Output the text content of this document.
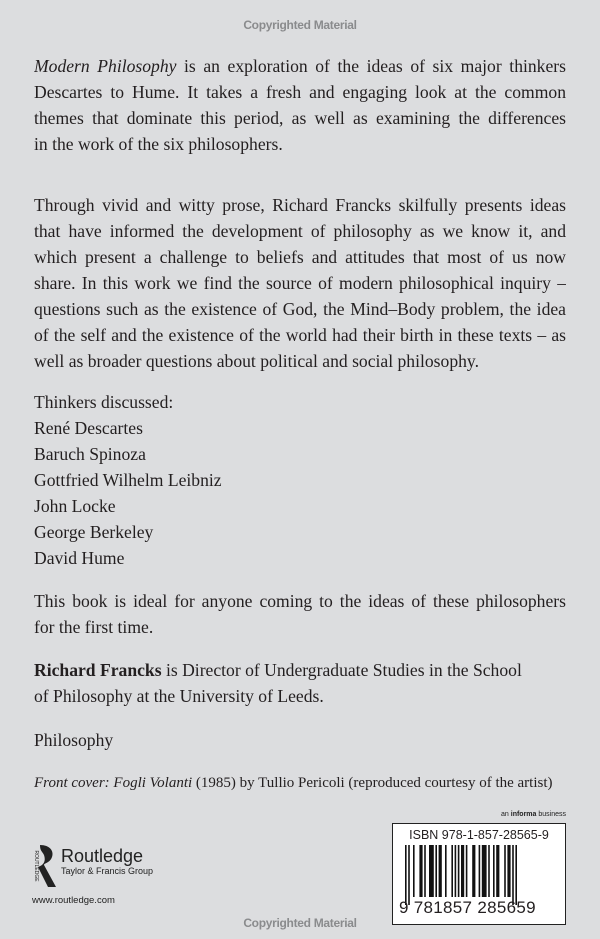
Copyrighted Material
Modern Philosophy is an exploration of the ideas of six major thinkers
Descartes to Hume. It takes a fresh and engaging look at the common
themes that dominate this period, as well as examining the differences
in the work of the six philosophers.
Through vivid and witty prose, Richard Francks skilfully presents ideas
that have informed the development of philosophy as we know it, and
which present a challenge to beliefs and attitudes that most of us now
share. In this work we find the source of modern philosophical inquiry –
questions such as the existence of God, the Mind–Body problem, the idea
of the self and the existence of the world had their birth in these texts – as
well as broader questions about political and social philosophy.
Thinkers discussed:
René Descartes
Baruch Spinoza
Gottfried Wilhelm Leibniz
John Locke
George Berkeley
David Hume
This book is ideal for anyone coming to the ideas of these philosophers
for the first time.
Richard Francks is Director of Undergraduate Studies in the School
of Philosophy at the University of Leeds.
Philosophy
Front cover: Fogli Volanti (1985) by Tullio Pericoli (reproduced courtesy of the artist)
an informa business
ISBN 978-1-857-28565-9
9 781857 285659
ROUTLEDGE Routledge
Taylor & Francis Group
www.routledge.com
Copyrighted Material
